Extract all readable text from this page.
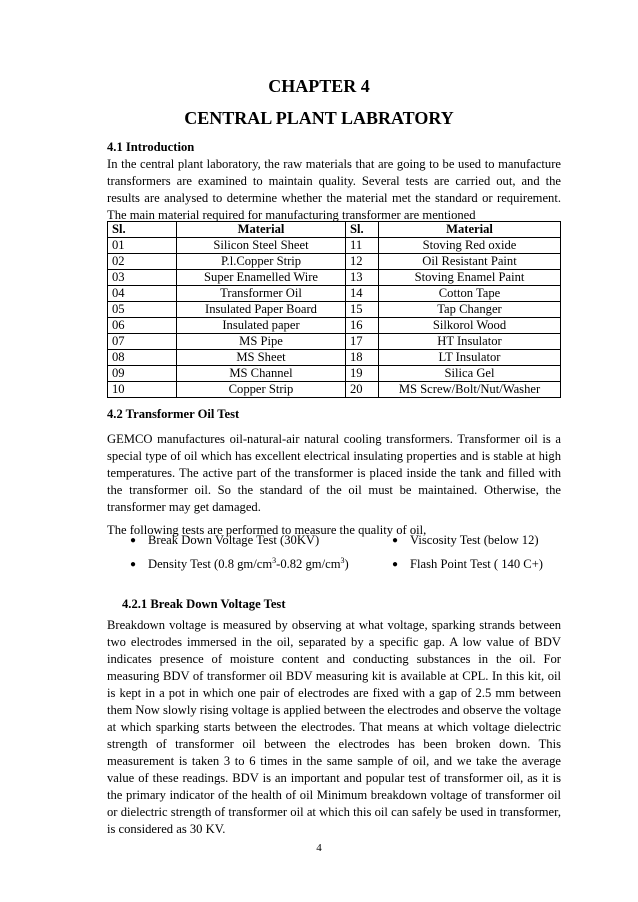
CHAPTER 4
CENTRAL PLANT LABRATORY
4.1 Introduction
In the central plant laboratory, the raw materials that are going to be used to manufacture transformers are examined to maintain quality. Several tests are carried out, and the results are analysed to determine whether the material met the standard or requirement. The main material required for manufacturing transformer are mentioned
Sl.	Material	Sl.	Material
01	Silicon Steel Sheet	11	Stoving Red oxide
02	P.l.Copper Strip	12	Oil Resistant Paint
03	Super Enamelled Wire	13	Stoving Enamel Paint
04	Transformer Oil	14	Cotton Tape
05	Insulated Paper Board	15	Tap Changer
06	Insulated paper	16	Silkorol Wood
07	MS Pipe	17	HT Insulator
08	MS Sheet	18	LT Insulator
09	MS Channel	19	Silica Gel
10	Copper Strip	20	MS Screw/Bolt/Nut/Washer
4.2 Transformer Oil Test
GEMCO manufactures oil-natural-air natural cooling transformers. Transformer oil is a special type of oil which has excellent electrical insulating properties and is stable at high temperatures. The active part of the transformer is placed inside the tank and filled with the transformer oil. So the standard of the oil must be maintained. Otherwise, the transformer may get damaged.
The following tests are performed to measure the quality of oil,
● Break Down Voltage Test (30KV)	● Viscosity Test (below 12)
● Density Test (0.8 $gm/cm^3-0.82$ $gm/cm^3$)	● Flash Point Test ( 140 C+)
4.2.1 Break Down Voltage Test
Breakdown voltage is measured by observing at what voltage, sparking strands between two electrodes immersed in the oil, separated by a specific gap. A low value of BDV indicates presence of moisture content and conducting substances in the oil. For measuring BDV of transformer oil BDV measuring kit is available at CPL. In this kit, oil is kept in a pot in which one pair of electrodes are fixed with a gap of 2.5 mm between them Now slowly rising voltage is applied between the electrodes and observe the voltage at which sparking starts between the electrodes. That means at which voltage dielectric strength of transformer oil between the electrodes has been broken down. This measurement is taken 3 to 6 times in the same sample of oil, and we take the average value of these readings. BDV is an important and popular test of transformer oil, as it is the primary indicator of the health of oil Minimum breakdown voltage of transformer oil or dielectric strength of transformer oil at which this oil can safely be used in transformer, is considered as 30 KV.
4
